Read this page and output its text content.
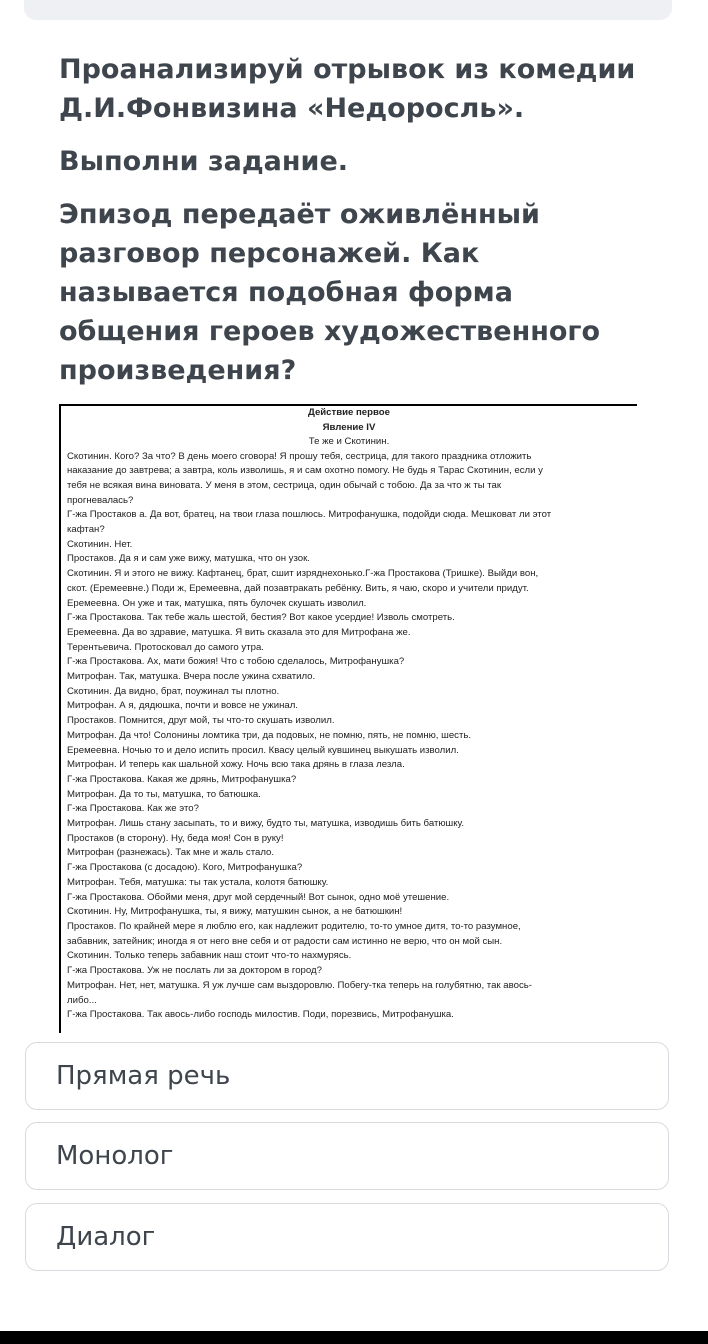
Проанализируй отрывок из комедии Д.И.Фонвизина «Недоросль».

Выполни задание.

Эпизод передаёт оживлённый разговор персонажей. Как называется подобная форма общения героев художественного произведения?

Действие первое
Явление IV
Те же и Скотинин.
Скотинин. Кого? За что? В день моего сговора! Я прошу тебя, сестрица, для такого праздника отложить
наказание до завтрева; а завтра, коль изволишь, я и сам охотно помогу. Не будь я Тарас Скотинин, если у
тебя не всякая вина виновата. У меня в этом, сестрица, один обычай с тобою. Да за что ж ты так
прогневалась?
Г-жа Простаков а. Да вот, братец, на твои глаза пошлюсь. Митрофанушка, подойди сюда. Мешковат ли этот
кафтан?
Скотинин. Нет.
Простаков. Да я и сам уже вижу, матушка, что он узок.
Скотинин. Я и этого не вижу. Кафтанец, брат, сшит изряднехонько.Г-жа Простакова (Тришке). Выйди вон,
скот. (Еремеевне.) Поди ж, Еремеевна, дай позавтракать ребёнку. Вить, я чаю, скоро и учители придут.
Еремеевна. Он уже и так, матушка, пять булочек скушать изволил.
Г-жа Простакова. Так тебе жаль шестой, бестия? Вот какое усердие! Изволь смотреть.
Еремеевна. Да во здравие, матушка. Я вить сказала это для Митрофана же.
Терентьевича. Протосковал до самого утра.
Г-жа Простакова. Ах, мати божия! Что с тобою сделалось, Митрофанушка?
Митрофан. Так, матушка. Вчера после ужина схватило.
Скотинин. Да видно, брат, поужинал ты плотно.
Митрофан. А я, дядюшка, почти и вовсе не ужинал.
Простаков. Помнится, друг мой, ты что-то скушать изволил.
Митрофан. Да что! Солонины ломтика три, да подовых, не помню, пять, не помню, шесть.
Еремеевна. Ночью то и дело испить просил. Квасу целый кувшинец выкушать изволил.
Митрофан. И теперь как шальной хожу. Ночь всю така дрянь в глаза лезла.
Г-жа Простакова. Какая же дрянь, Митрофанушка?
Митрофан. Да то ты, матушка, то батюшка.
Г-жа Простакова. Как же это?
Митрофан. Лишь стану засыпать, то и вижу, будто ты, матушка, изводишь бить батюшку.
Простаков (в сторону). Ну, беда моя! Сон в руку!
Митрофан (разнежась). Так мне и жаль стало.
Г-жа Простакова (с досадою). Кого, Митрофанушка?
Митрофан. Тебя, матушка: ты так устала, колотя батюшку.
Г-жа Простакова. Обойми меня, друг мой сердечный! Вот сынок, одно моё утешение.
Скотинин. Ну, Митрофанушка, ты, я вижу, матушкин сынок, а не батюшкин!
Простаков. По крайней мере я люблю его, как надлежит родителю, то-то умное дитя, то-то разумное,
забавник, затейник; иногда я от него вне себя и от радости сам истинно не верю, что он мой сын.
Скотинин. Только теперь забавник наш стоит что-то нахмурясь.
Г-жа Простакова. Уж не послать ли за доктором в город?
Митрофан. Нет, нет, матушка. Я уж лучше сам выздоровлю. Побегу-тка теперь на голубятню, так авось-
либо...
Г-жа Простакова. Так авось-либо господь милостив. Поди, порезвись, Митрофанушка.
Прямая речь
Монолог
Диалог
